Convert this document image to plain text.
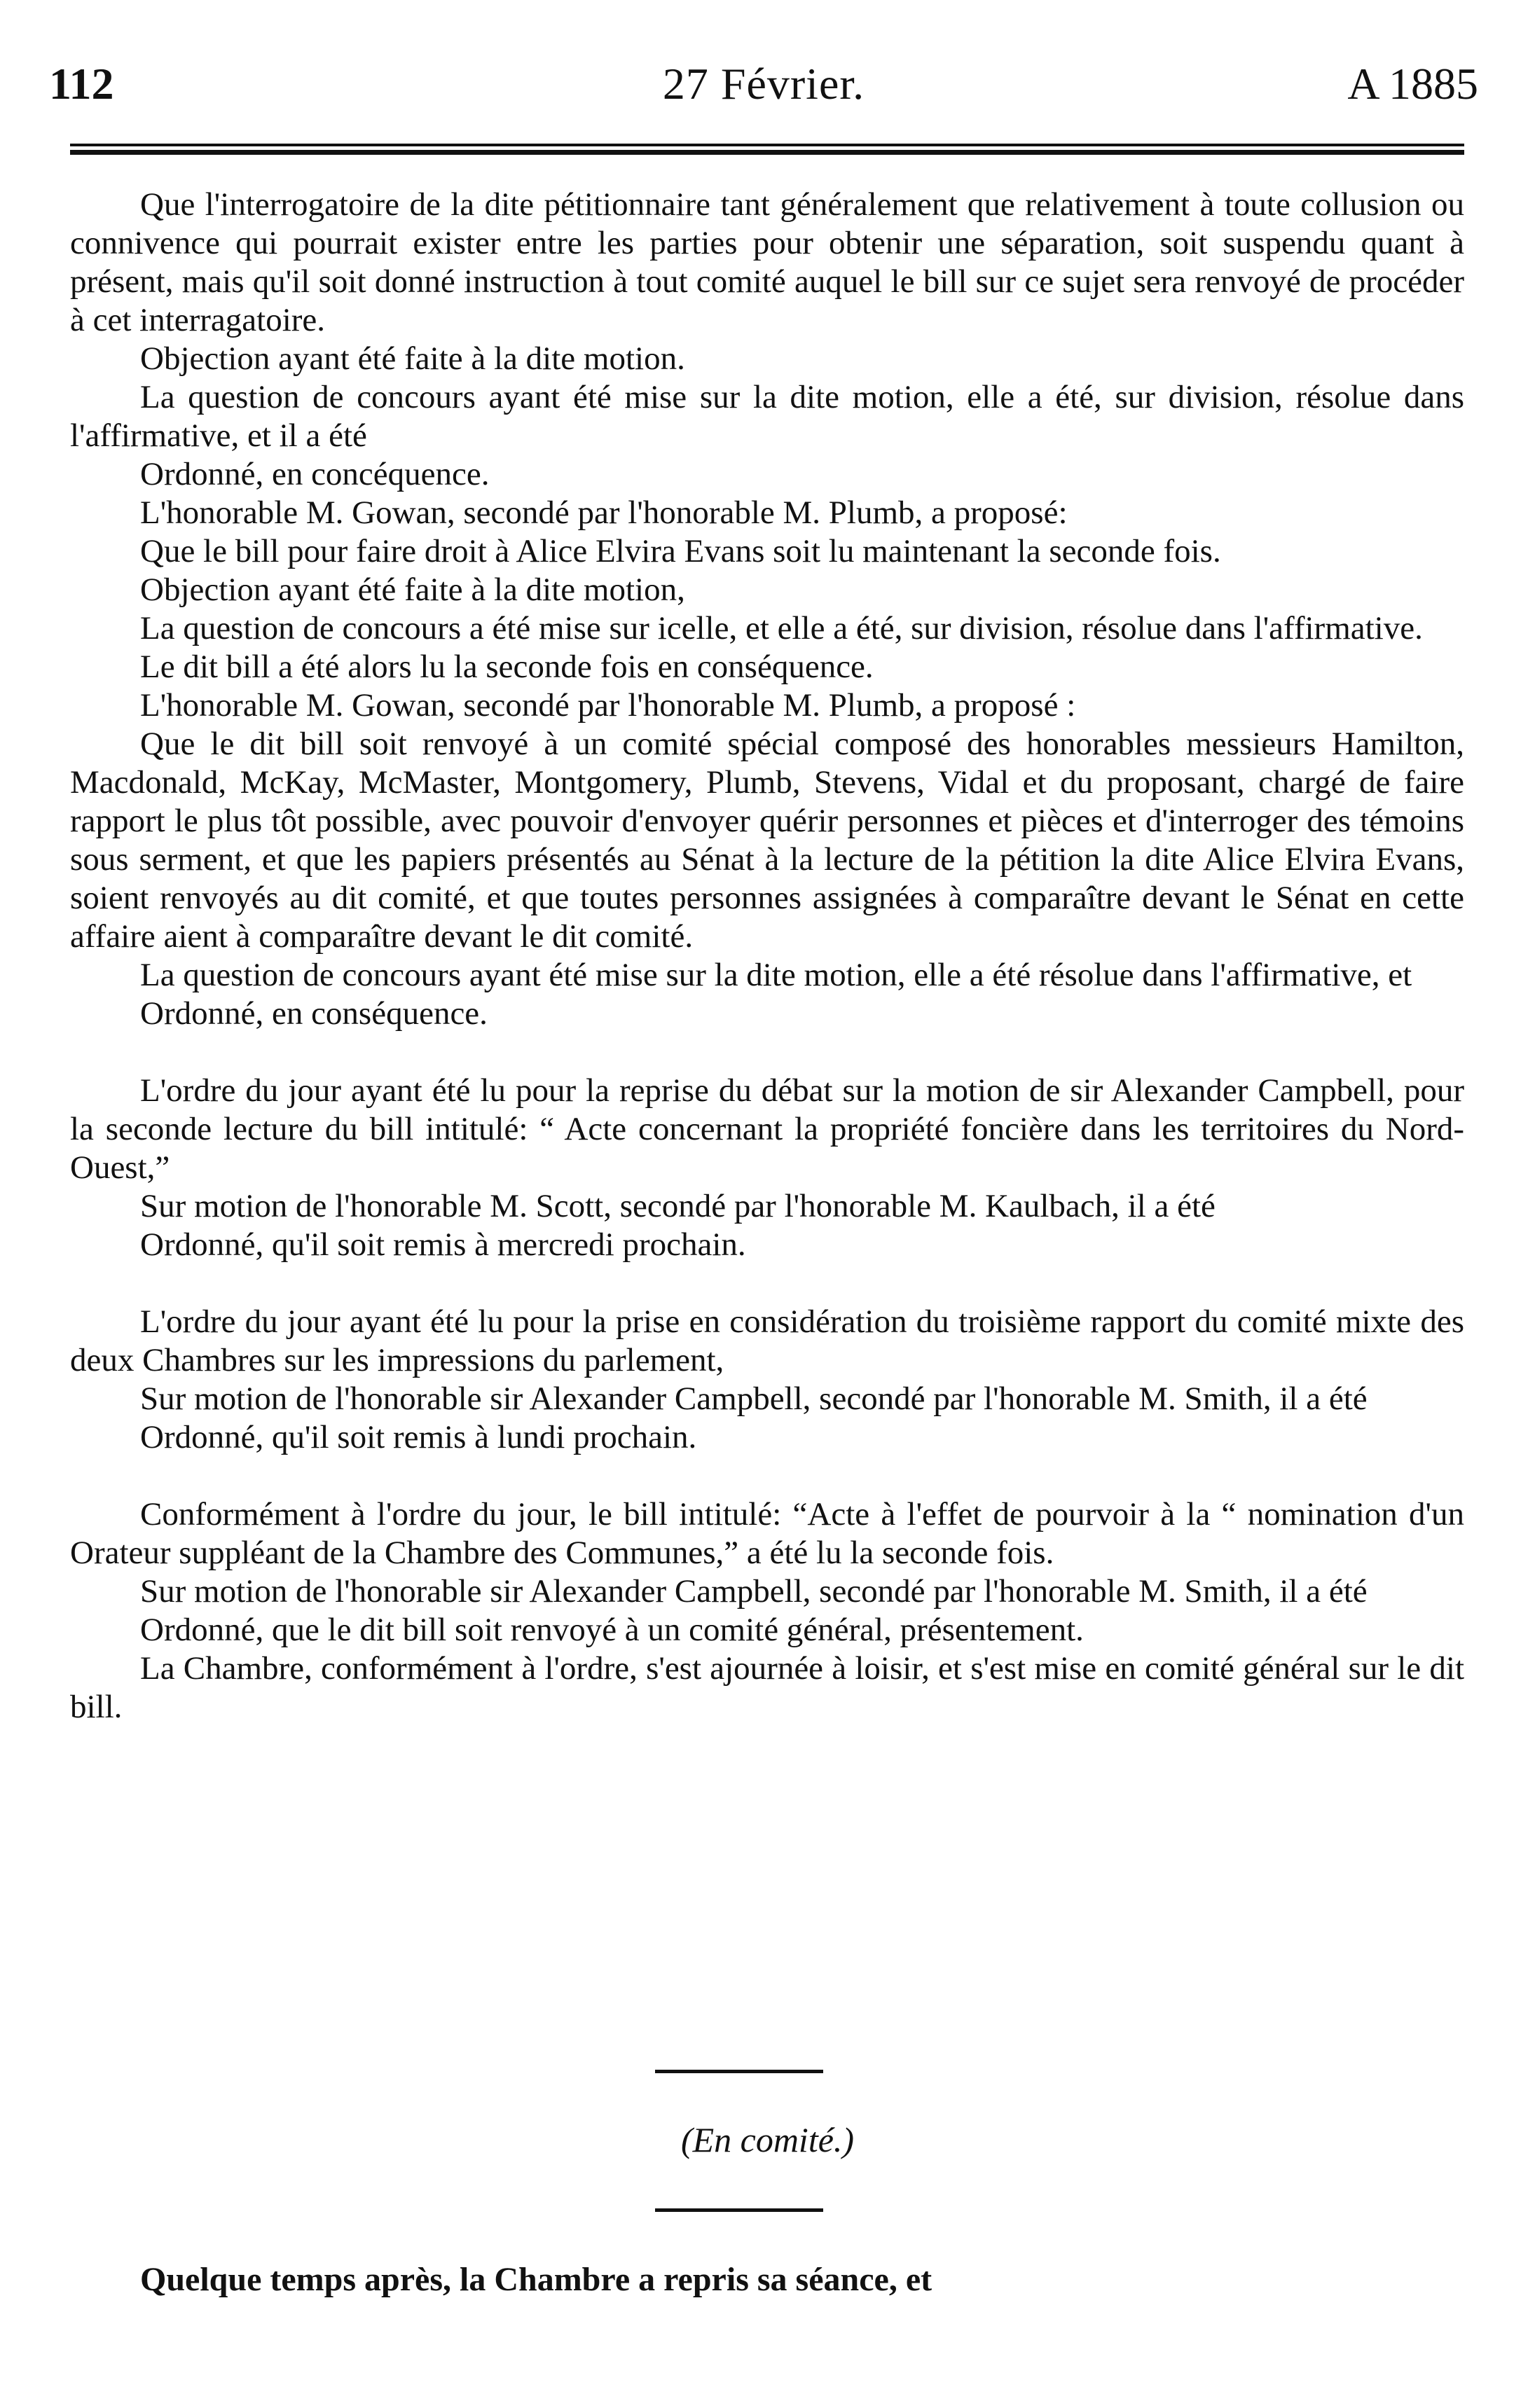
112	27 Février.	A 1885

Que l'interrogatoire de la dite pétitionnaire tant généralement que relativement à toute collusion ou connivence qui pourrait exister entre les parties pour obtenir une séparation, soit suspendu quant à présent, mais qu'il soit donné instruction à tout comité auquel le bill sur ce sujet sera renvoyé de procéder à cet interragatoire.

Objection ayant été faite à la dite motion.

La question de concours ayant été mise sur la dite motion, elle a été, sur division, résolue dans l'affirmative, et il a été

Ordonné, en concéquence.

L'honorable M. Gowan, secondé par l'honorable M. Plumb, a proposé:

Que le bill pour faire droit à Alice Elvira Evans soit lu maintenant la seconde fois.

Objection ayant été faite à la dite motion,

La question de concours a été mise sur icelle, et elle a été, sur division, résolue dans l'affirmative.

Le dit bill a été alors lu la seconde fois en conséquence.

L'honorable M. Gowan, secondé par l'honorable M. Plumb, a proposé :

Que le dit bill soit renvoyé à un comité spécial composé des honorables messieurs Hamilton, Macdonald, McKay, McMaster, Montgomery, Plumb, Stevens, Vidal et du proposant, chargé de faire rapport le plus tôt possible, avec pouvoir d'envoyer quérir personnes et pièces et d'interroger des témoins sous serment, et que les papiers présentés au Sénat à la lecture de la pétition la dite Alice Elvira Evans, soient renvoyés au dit comité, et que toutes personnes assignées à comparaître devant le Sénat en cette affaire aient à comparaître devant le dit comité.

La question de concours ayant été mise sur la dite motion, elle a été résolue dans l'affirmative, et

Ordonné, en conséquence.

L'ordre du jour ayant été lu pour la reprise du débat sur la motion de sir Alexander Campbell, pour la seconde lecture du bill intitulé: “ Acte concernant la propriété foncière dans les territoires du Nord-Ouest,”

Sur motion de l'honorable M. Scott, secondé par l'honorable M. Kaulbach, il a été

Ordonné, qu'il soit remis à mercredi prochain.

L'ordre du jour ayant été lu pour la prise en considération du troisième rapport du comité mixte des deux Chambres sur les impressions du parlement,

Sur motion de l'honorable sir Alexander Campbell, secondé par l'honorable M. Smith, il a été

Ordonné, qu'il soit remis à lundi prochain.

Conformément à l'ordre du jour, le bill intitulé: “Acte à l'effet de pourvoir à la “ nomination d'un Orateur suppléant de la Chambre des Communes,” a été lu la seconde fois.

Sur motion de l'honorable sir Alexander Campbell, secondé par l'honorable M. Smith, il a été

Ordonné, que le dit bill soit renvoyé à un comité général, présentement.

La Chambre, conformément à l'ordre, s'est ajournée à loisir, et s'est mise en comité général sur le dit bill.

(En comité.)
Quelque temps après, la Chambre a repris sa séance, et
